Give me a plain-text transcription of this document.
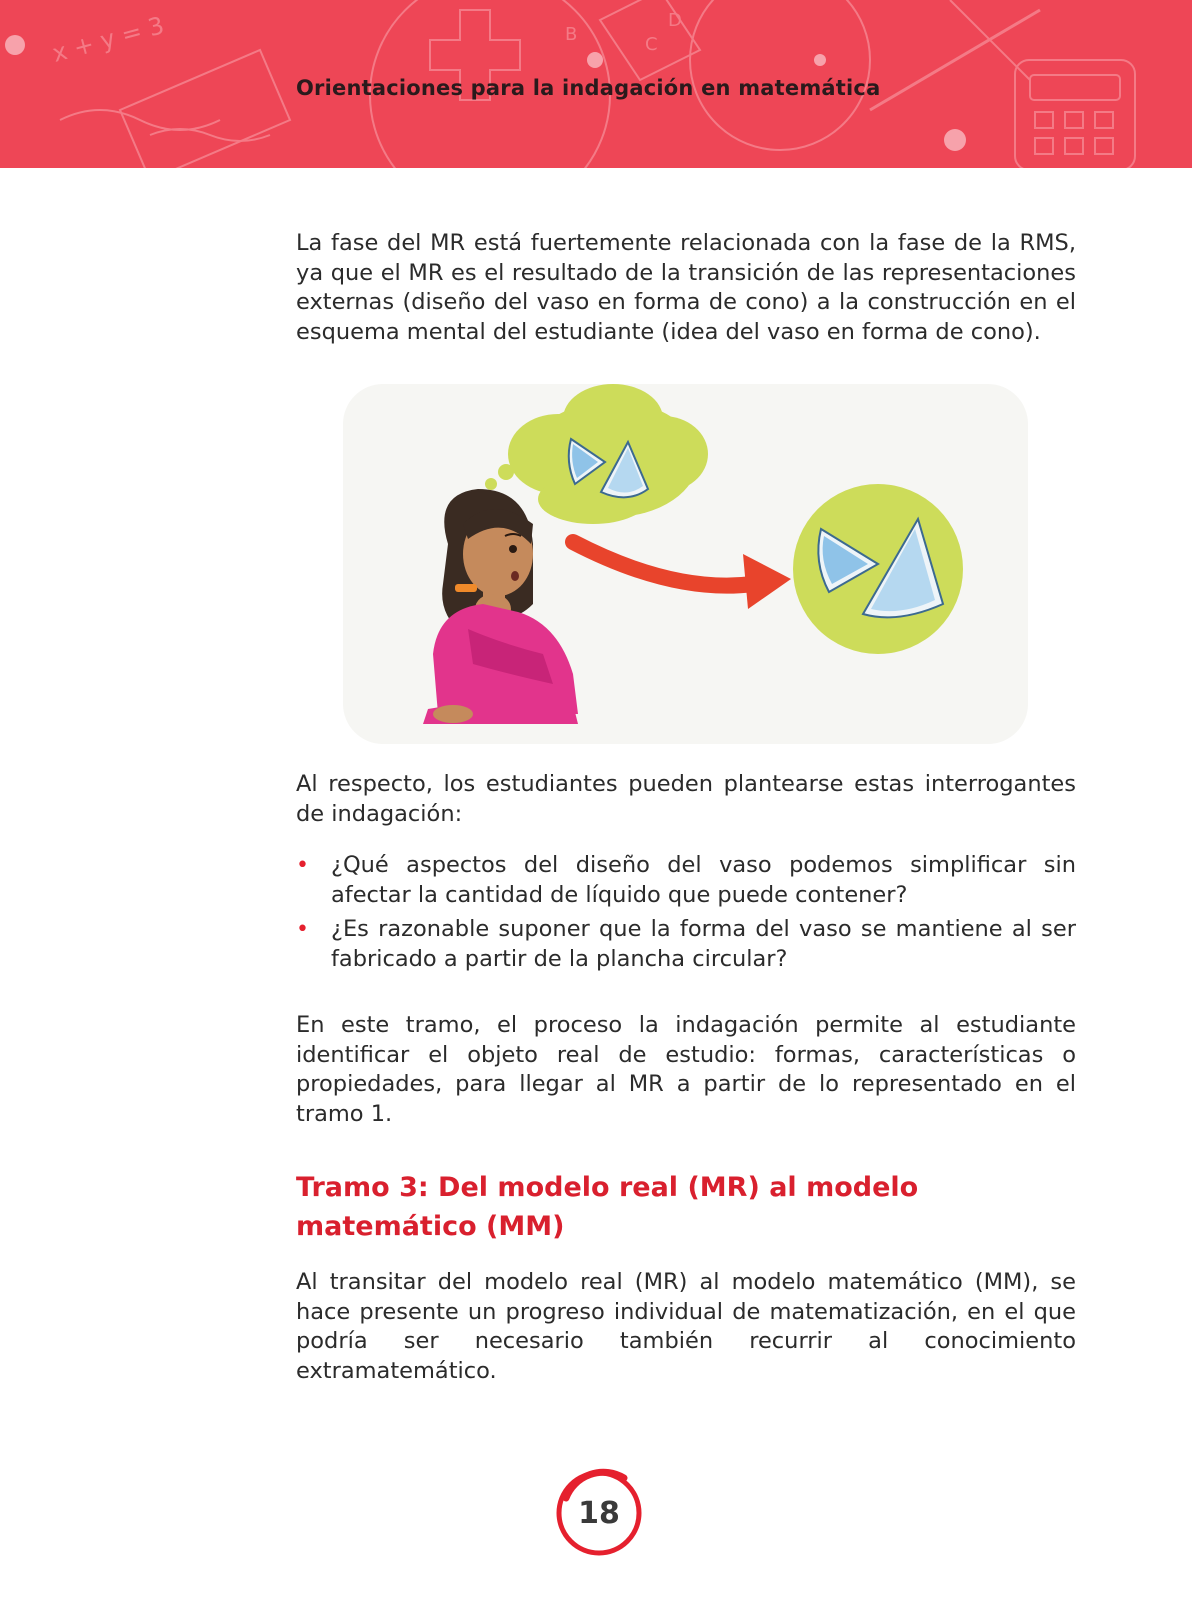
x + y = 3	B
D
C
Orientaciones para la indagación en matemática

La fase del MR está fuertemente relacionada con la fase de la RMS, ya que el MR es el resultado de la transición de las representaciones externas (diseño del vaso en forma de cono) a la construcción en el esquema mental del estudiante (idea del vaso en forma de cono).

Al respecto, los estudiantes pueden plantearse estas interrogantes de indagación:

• ¿Qué aspectos del diseño del vaso podemos simplificar sin afectar la cantidad de líquido que puede contener?
• ¿Es razonable suponer que la forma del vaso se mantiene al ser fabricado a partir de la plancha circular?

En este tramo, el proceso la indagación permite al estudiante identificar el objeto real de estudio: formas, características o propiedades, para llegar al MR a partir de lo representado en el tramo 1.

Tramo 3: Del modelo real (MR) al modelo matemático (MM)

Al transitar del modelo real (MR) al modelo matemático (MM), se hace presente un progreso individual de matematización, en el que podría ser necesario también recurrir al conocimiento extramatemático.

18
